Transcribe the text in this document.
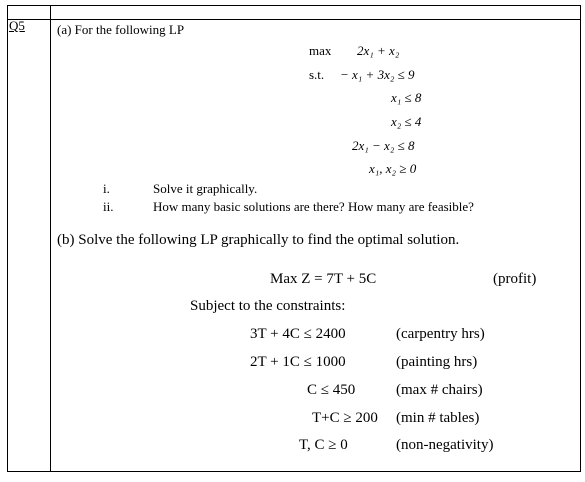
Q5 (a) For the following LP
max 2x₁ + x₂
s.t. − x₁ + 3x₂ ≤ 9
x₁ ≤ 8
x₂ ≤ 4
2x₁ − x₂ ≤ 8
x₁, x₂ ≥ 0
i.	Solve it graphically.
ii.	How many basic solutions are there? How many are feasible?
(b) Solve the following LP graphically to find the optimal solution.
Max Z = 7T + 5C	(profit)
Subject to the constraints:
3T + 4C ≤ 2400	(carpentry hrs)
2T + 1C ≤ 1000	(painting hrs)
C ≤ 450	(max # chairs)
T+C ≥ 200 (min # tables)
T, C ≥ 0	(non-negativity)
